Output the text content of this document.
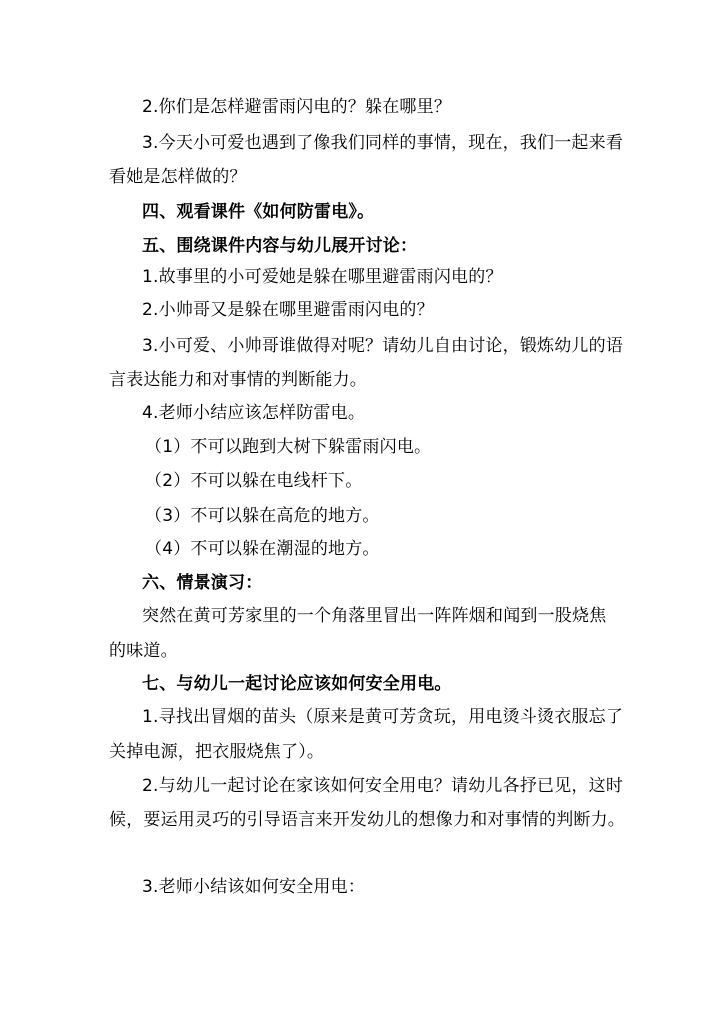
2.你们是怎样避雷雨闪电的？躲在哪里？
3.今天小可爱也遇到了像我们同样的事情，现在，我们一起来看
看她是怎样做的？
四、观看课件《如何防雷电》。
五、围绕课件内容与幼儿展开讨论：
1.故事里的小可爱她是躲在哪里避雷雨闪电的？
2.小帅哥又是躲在哪里避雷雨闪电的？
3.小可爱、小帅哥谁做得对呢？请幼儿自由讨论，锻炼幼儿的语
言表达能力和对事情的判断能力。
4.老师小结应该怎样防雷电。
（1）不可以跑到大树下躲雷雨闪电。
（2）不可以躲在电线杆下。
（3）不可以躲在高危的地方。
（4）不可以躲在潮湿的地方。
六、情景演习：
突然在黄可芳家里的一个角落里冒出一阵阵烟和闻到一股烧焦
的味道。
七、与幼儿一起讨论应该如何安全用电。
1.寻找出冒烟的苗头（原来是黄可芳贪玩，用电烫斗烫衣服忘了
关掉电源，把衣服烧焦了）。
2.与幼儿一起讨论在家该如何安全用电？请幼儿各抒已见，这时
候，要运用灵巧的引导语言来开发幼儿的想像力和对事情的判断力。
3.老师小结该如何安全用电：
